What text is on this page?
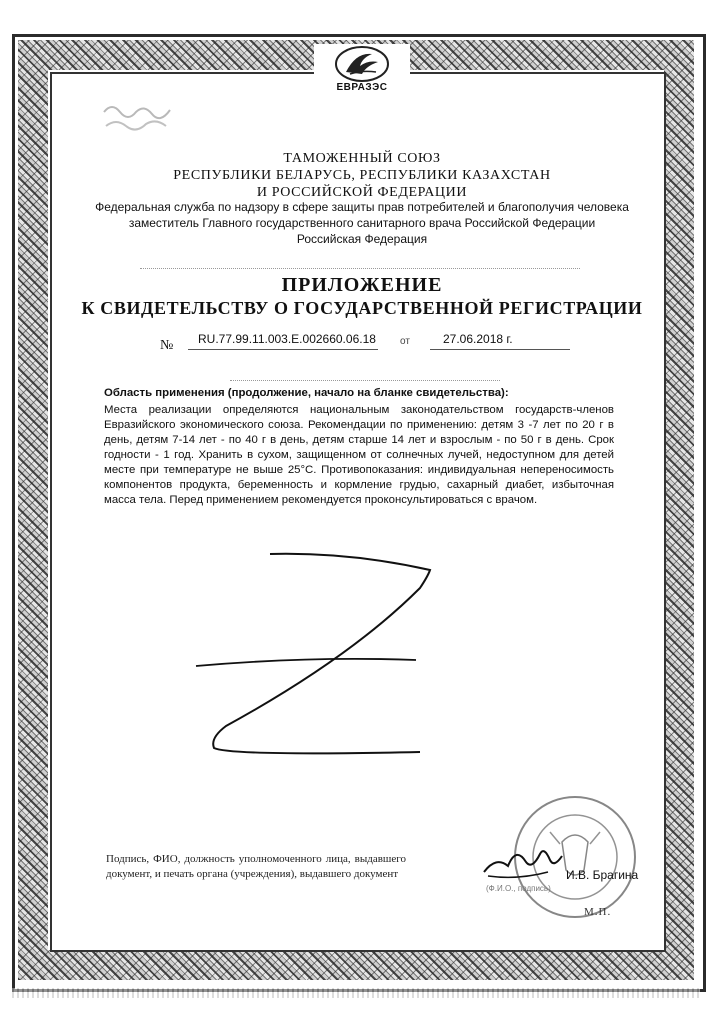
ЕВРАЗЭС
ТАМОЖЕННЫЙ СОЮЗ
РЕСПУБЛИКИ БЕЛАРУСЬ, РЕСПУБЛИКИ КАЗАХСТАН
И РОССИЙСКОЙ ФЕДЕРАЦИИ
Федеральная служба по надзору в сфере защиты прав потребителей и благополучия человека
заместитель Главного государственного санитарного врача Российской Федерации
Российская Федерация
ПРИЛОЖЕНИЕ
К СВИДЕТЕЛЬСТВУ О ГОСУДАРСТВЕННОЙ РЕГИСТРАЦИИ
№ RU.77.99.11.003.E.002660.06.18 от	27.06.2018 г.
Область применения (продолжение, начало на бланке свидетельства):
Места реализации определяются национальным законодательством государств-членов Евразийского экономического союза. Рекомендации по применению: детям 3 -7 лет по 20 г в день, детям 7-14 лет - по 40 г в день, детям старше 14 лет и взрослым - по 50 г в день. Срок годности - 1 год. Хранить в сухом, защищенном от солнечных лучей, недоступном для детей месте при температуре не выше 25°С. Противопоказания: индивидуальная непереносимость компонентов продукта, беременность и кормление грудью, сахарный диабет, избыточная масса тела. Перед применением рекомендуется проконсультироваться с врачом.
Подпись, ФИО, должность уполномоченного лица, выдавшего документ, и печать органа (учреждения), выдавшего документ	И.В. Брагина
(Ф.И.О., подпись)
М.П.
